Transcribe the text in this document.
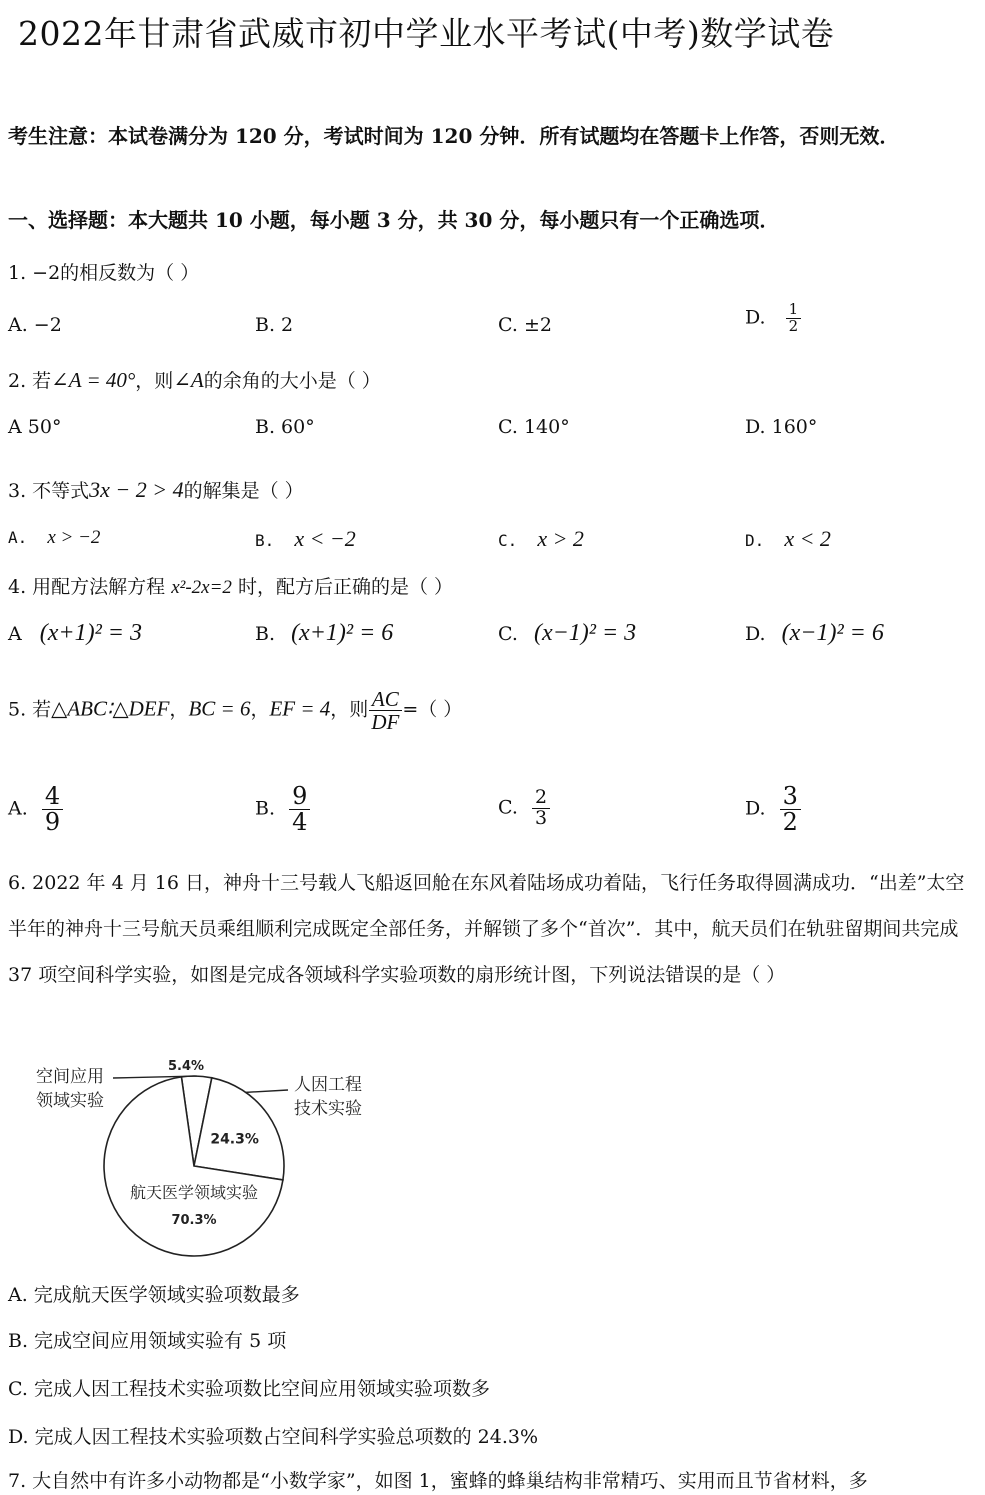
2022年甘肃省武威市初中学业水平考试(中考)数学试卷
考生注意：本试卷满分为 120 分，考试时间为 120 分钟．所有试题均在答题卡上作答，否则无效．
一、选择题：本大题共 10 小题，每小题 3 分，共 30 分，每小题只有一个正确选项．
1. −2的相反数为（ ）
A. −2	B. 2	C. ±2	D. $\frac{1}{2}$
2. 若∠A = 40°，则∠A的余角的大小是（ ）
A 50°	B. 60°	C. 140°	D. 160°
3. 不等式3x − 2 > 4的解集是（ ）
A. x > −2	B. x < −2	C. x > 2	D. x < 2
4. 用配方法解方程 x²-2x=2 时，配方后正确的是（ ）
A (x+1)² = 3	B. (x+1)² = 6	C. (x−1)² = 3	D. (x−1)² = 6
5. 若△ABC∶△DEF，BC = 6，EF = 4，则 $\frac{AC}{DF}$ =（ ）
A. $\frac{4}{9}$	B. $\frac{9}{4}$	C. $\frac{2}{3}$	D. $\frac{3}{2}$
6. 2022 年 4 月 16 日，神舟十三号载人飞船返回舱在东风着陆场成功着陆，飞行任务取得圆满成功．“出差”太空半年的神舟十三号航天员乘组顺利完成既定全部任务，并解锁了多个“首次”．其中，航天员们在轨驻留期间共完成 37 项空间科学实验，如图是完成各领域科学实验项数的扇形统计图，下列说法错误的是（ ）
5.4%
空间应用
领域实验
24.3%
人因工程
技术实验
航天医学领域实验
70.3%
A. 完成航天医学领域实验项数最多
B. 完成空间应用领域实验有 5 项
C. 完成人因工程技术实验项数比空间应用领域实验项数多
D. 完成人因工程技术实验项数占空间科学实验总项数的 24.3%
7. 大自然中有许多小动物都是“小数学家”，如图 1，蜜蜂的蜂巢结构非常精巧、实用而且节省材料，多
